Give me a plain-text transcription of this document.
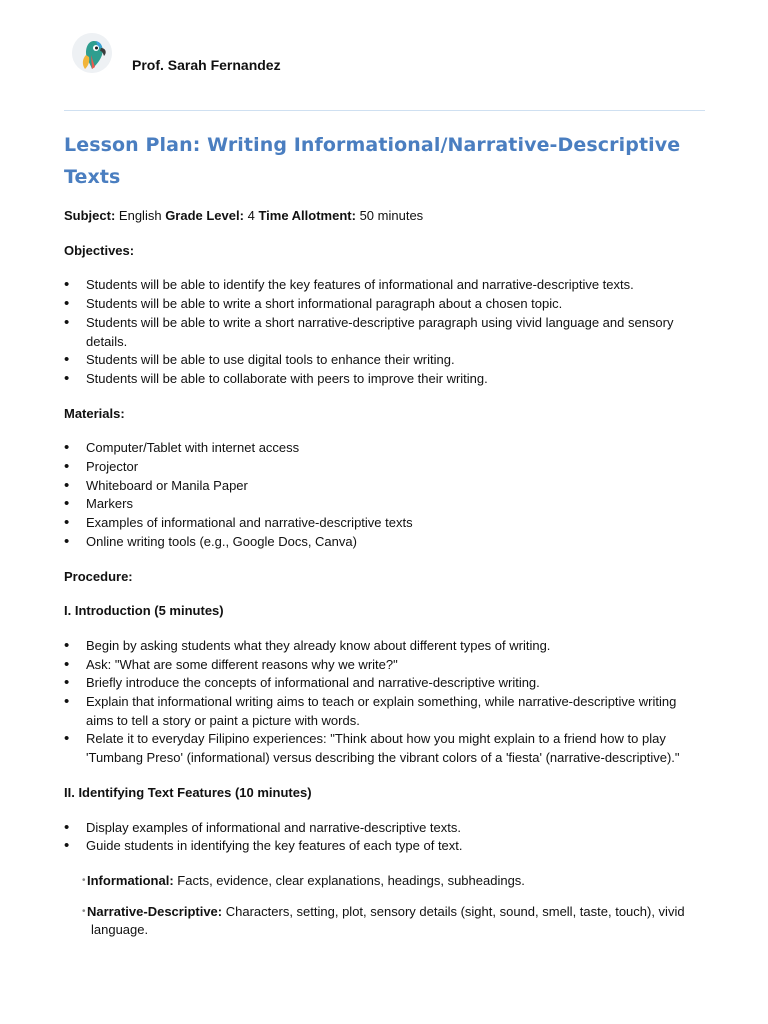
Prof. Sarah Fernandez
Lesson Plan: Writing Informational/Narrative-Descriptive Texts

Subject: English Grade Level: 4 Time Allotment: 50 minutes

Objectives:

• Students will be able to identify the key features of informational and narrative-descriptive texts.
• Students will be able to write a short informational paragraph about a chosen topic.
• Students will be able to write a short narrative-descriptive paragraph using vivid language and sensory details.
• Students will be able to use digital tools to enhance their writing.
• Students will be able to collaborate with peers to improve their writing.

Materials:

• Computer/Tablet with internet access
• Projector
• Whiteboard or Manila Paper
• Markers
• Examples of informational and narrative-descriptive texts
• Online writing tools (e.g., Google Docs, Canva)

Procedure:

I. Introduction (5 minutes)

• Begin by asking students what they already know about different types of writing.
• Ask: "What are some different reasons why we write?"
• Briefly introduce the concepts of informational and narrative-descriptive writing.
• Explain that informational writing aims to teach or explain something, while narrative-descriptive writing aims to tell a story or paint a picture with words.
• Relate it to everyday Filipino experiences: "Think about how you might explain to a friend how to play 'Tumbang Preso' (informational) versus describing the vibrant colors of a 'fiesta' (narrative-descriptive)."

II. Identifying Text Features (10 minutes)

• Display examples of informational and narrative-descriptive texts.
• Guide students in identifying the key features of each type of text.
• Informational: Facts, evidence, clear explanations, headings, subheadings.
• Narrative-Descriptive: Characters, setting, plot, sensory details (sight, sound, smell, taste, touch), vivid language.
